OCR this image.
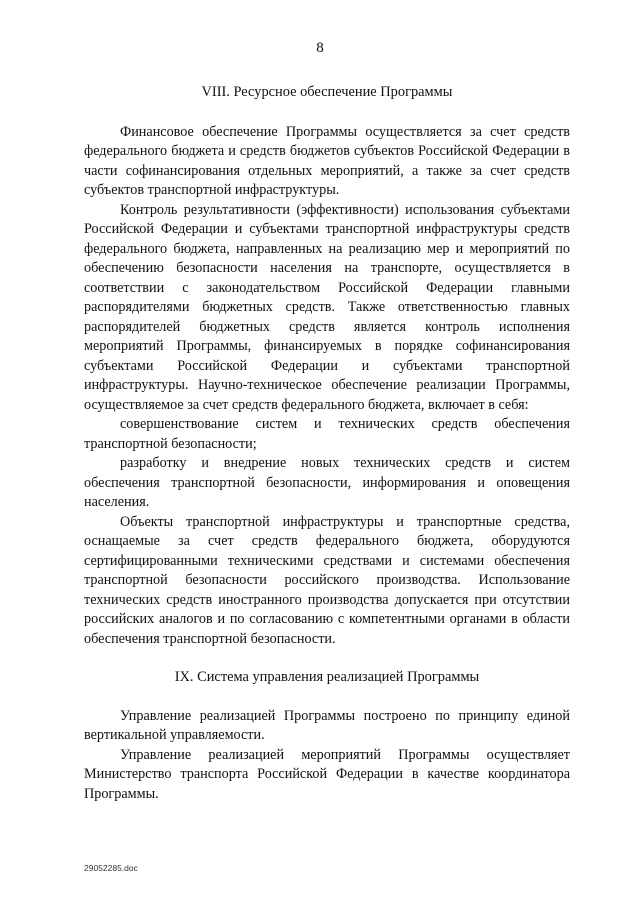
8
VIII. Ресурсное обеспечение Программы

Финансовое обеспечение Программы осуществляется за счет средств федерального бюджета и средств бюджетов субъектов Российской Федерации в части софинансирования отдельных мероприятий, а также за счет средств субъектов транспортной инфраструктуры.

Контроль результативности (эффективности) использования субъектами Российской Федерации и субъектами транспортной инфраструктуры средств федерального бюджета, направленных на реализацию мер и мероприятий по обеспечению безопасности населения на транспорте, осуществляется в соответствии с законодательством Российской Федерации главными распорядителями бюджетных средств. Также ответственностью главных распорядителей бюджетных средств является контроль исполнения мероприятий Программы, финансируемых в порядке софинансирования субъектами Российской Федерации и субъектами транспортной инфраструктуры. Научно-техническое обеспечение реализации Программы, осуществляемое за счет средств федерального бюджета, включает в себя:

совершенствование систем и технических средств обеспечения транспортной безопасности;

разработку и внедрение новых технических средств и систем обеспечения транспортной безопасности, информирования и оповещения населения.

Объекты транспортной инфраструктуры и транспортные средства, оснащаемые за счет средств федерального бюджета, оборудуются сертифицированными техническими средствами и системами обеспечения транспортной безопасности российского производства. Использование технических средств иностранного производства допускается при отсутствии российских аналогов и по согласованию с компетентными органами в области обеспечения транспортной безопасности.

IX. Система управления реализацией Программы

Управление реализацией Программы построено по принципу единой вертикальной управляемости.

Управление реализацией мероприятий Программы осуществляет Министерство транспорта Российской Федерации в качестве координатора Программы.

29052285.doc
